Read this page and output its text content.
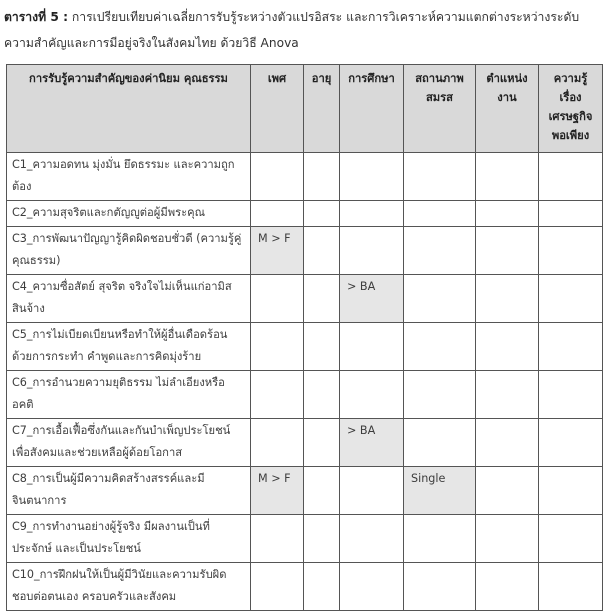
ตารางที่ 5 : การเปรียบเทียบค่าเฉลี่ยการรับรู้ระหว่างตัวแปรอิสระ และการวิเคราะห์ความแตกต่างระหว่างระดับความสำคัญและการมีอยู่จริงในสังคมไทย ด้วยวิธี Anova
การรับรู้ความสำคัญของค่านิยม คุณธรรม	เพศ	อายุ	การศึกษา	สถานภาพ สมรส	ตำแหน่ง งาน	ความรู้ เรื่อง เศรษฐกิจ พอเพียง
C1_ความอดทน มุ่งมั่น ยึดธรรมะ และความถูกต้อง						
C2_ความสุจริตและกตัญญูต่อผู้มีพระคุณ						
C3_การพัฒนาปัญญารู้คิดผิดชอบชั่วดี (ความรู้คู่คุณธรรม)	M > F					
C4_ความซื่อสัตย์ สุจริต จริงใจไม่เห็นแก่อามิสสินจ้าง			> BA			
C5_การไม่เบียดเบียนหรือทำให้ผู้อื่นเดือดร้อนด้วยการกระทำ คำพูดและการคิดมุ่งร้าย						
C6_การอำนวยความยุติธรรม ไม่ลำเอียงหรืออคติ						
C7_การเอื้อเฟื้อซึ่งกันและกันบำเพ็ญประโยชน์เพื่อสังคมและช่วยเหลือผู้ด้อยโอกาส			> BA			
C8_การเป็นผู้มีความคิดสร้างสรรค์และมีจินตนาการ	M > F			Single		
C9_การทำงานอย่างผู้รู้จริง มีผลงานเป็นที่ประจักษ์ และเป็นประโยชน์						
C10_การฝึกฝนให้เป็นผู้มีวินัยและความรับผิดชอบต่อตนเอง ครอบครัวและสังคม						
